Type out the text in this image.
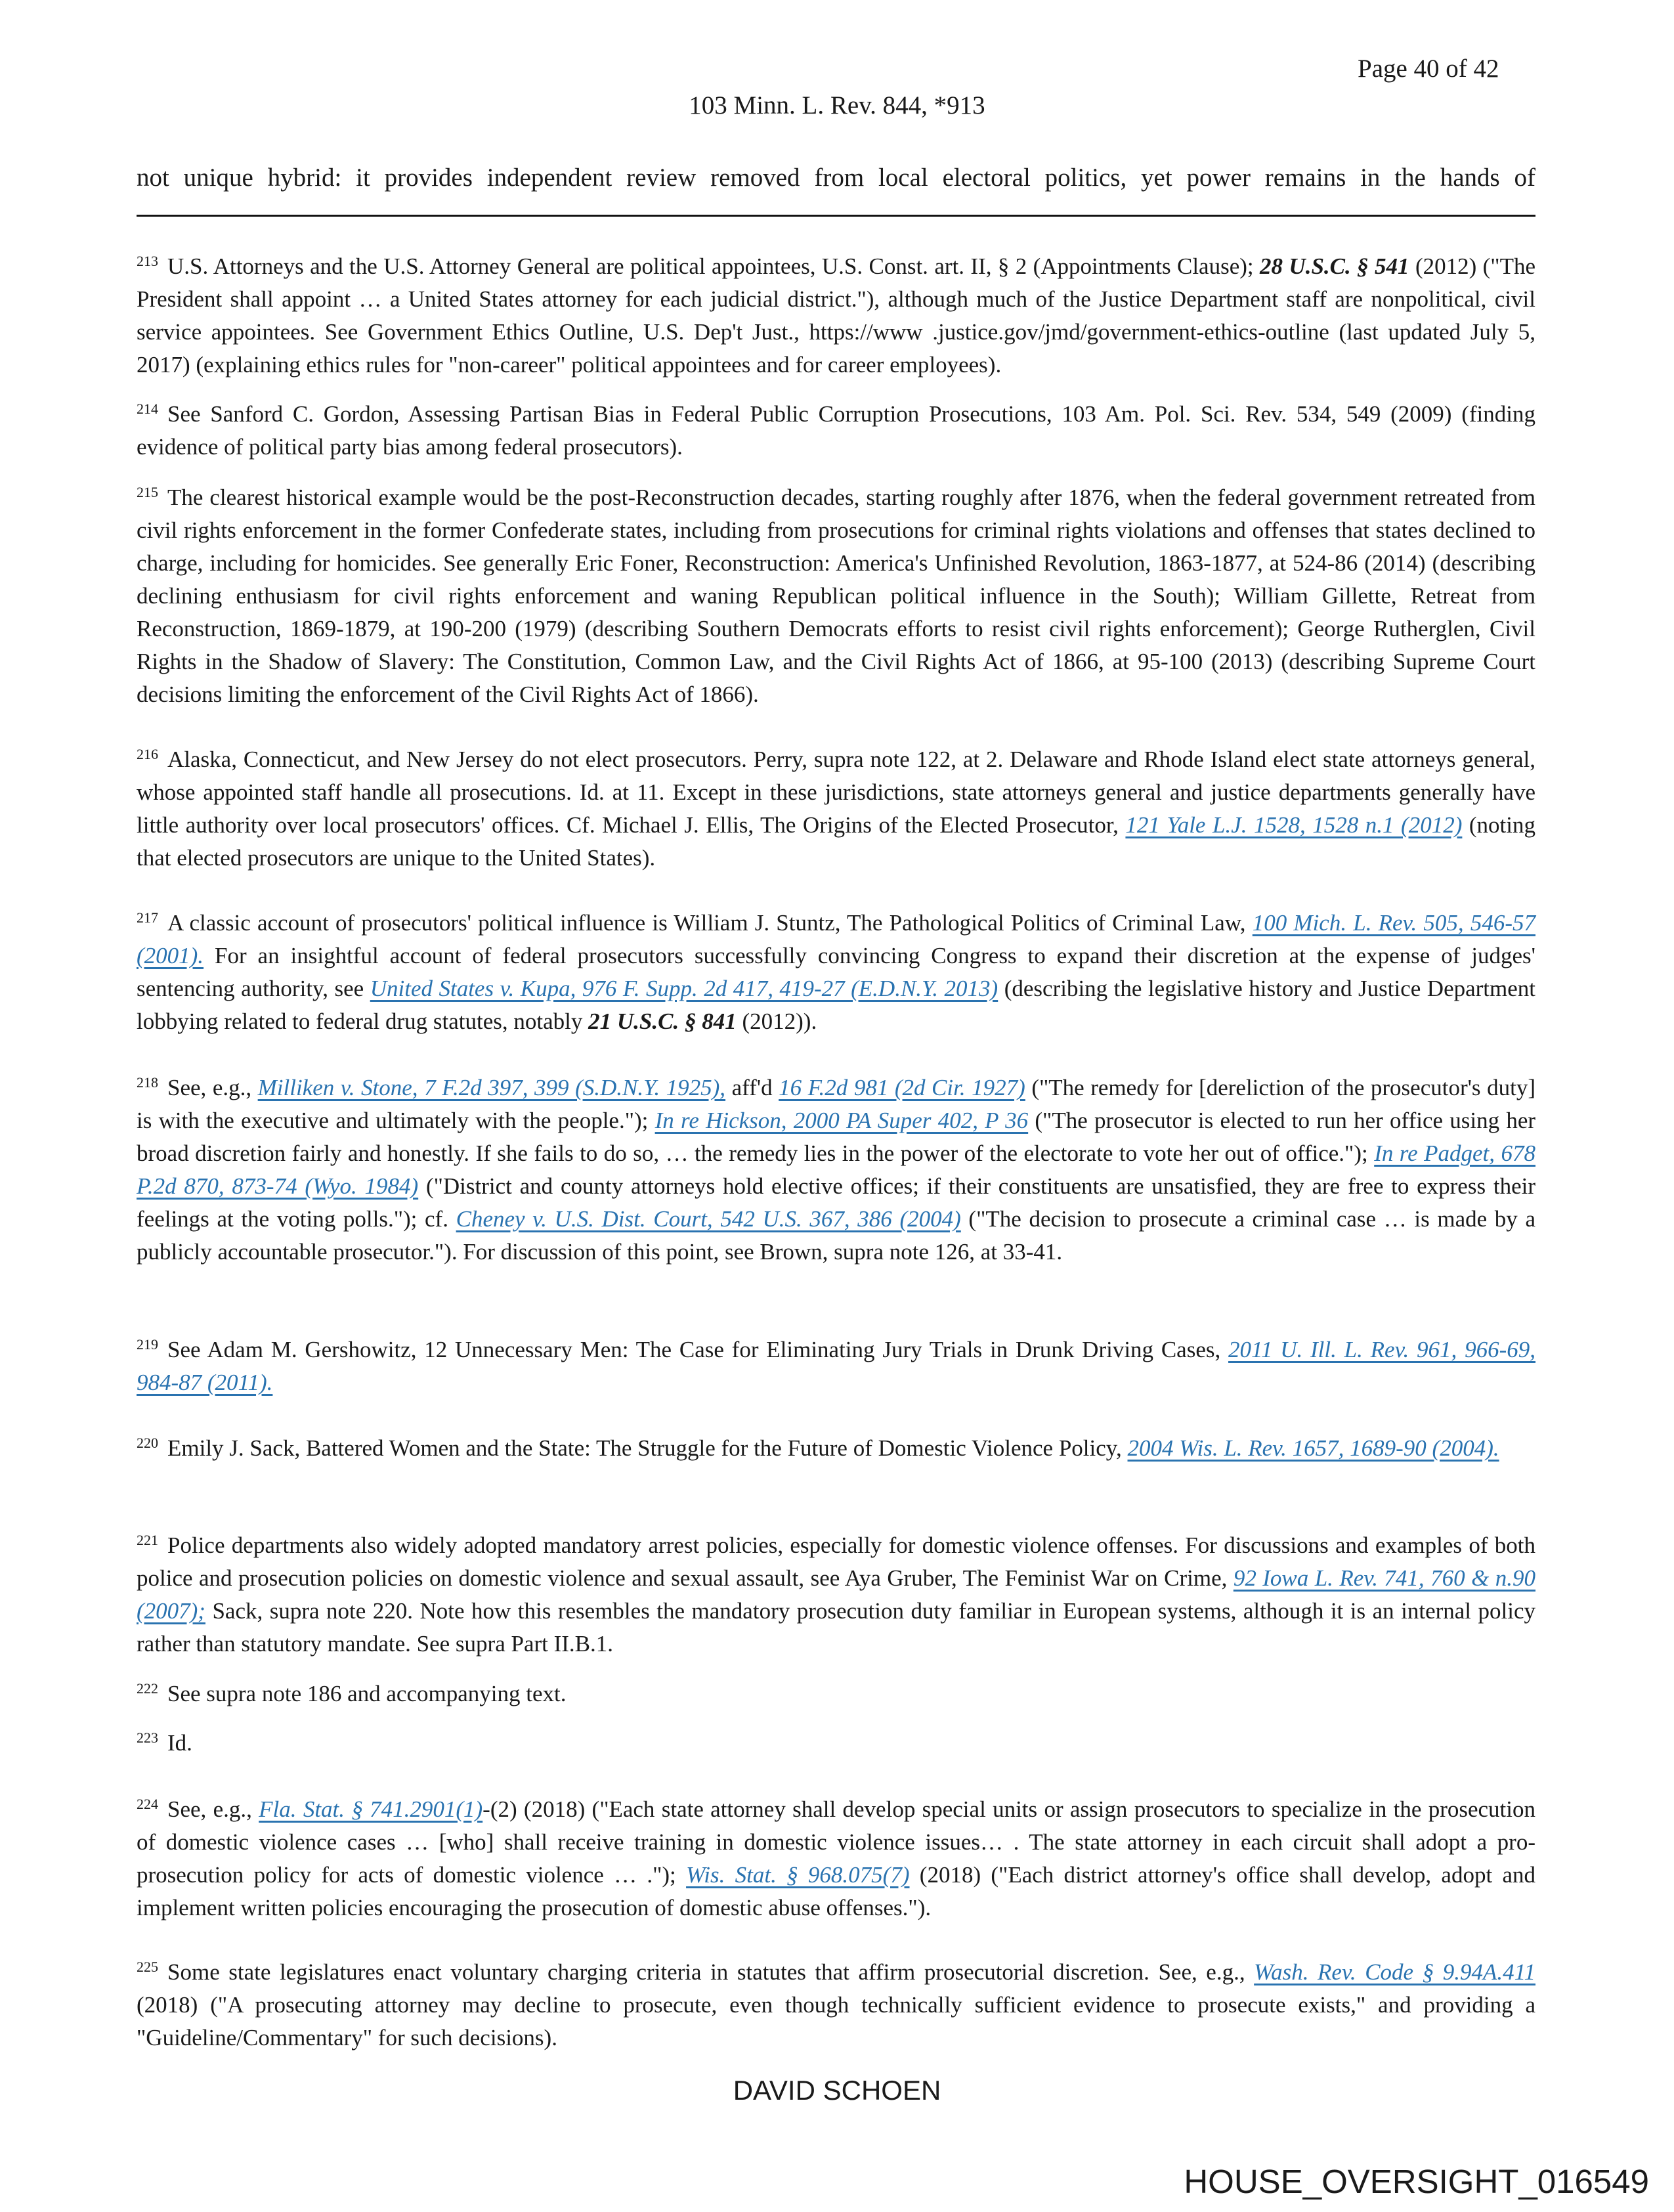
Page 40 of 42
103 Minn. L. Rev. 844, *913
not unique hybrid: it provides independent review removed from local electoral politics, yet power remains in the hands of
$^{213}$ U.S. Attorneys and the U.S. Attorney General are political appointees, U.S. Const. art. II, § 2 (Appointments Clause); 28 U.S.C. § 541 (2012) ("The President shall appoint … a United States attorney for each judicial district."), although much of the Justice Department staff are nonpolitical, civil service appointees. See Government Ethics Outline, U.S. Dep't Just., https://www .justice.gov/jmd/government-ethics-outline (last updated July 5, 2017) (explaining ethics rules for "non-career" political appointees and for career employees).
$^{214}$ See Sanford C. Gordon, Assessing Partisan Bias in Federal Public Corruption Prosecutions, 103 Am. Pol. Sci. Rev. 534, 549 (2009) (finding evidence of political party bias among federal prosecutors).
$^{215}$ The clearest historical example would be the post-Reconstruction decades, starting roughly after 1876, when the federal government retreated from civil rights enforcement in the former Confederate states, including from prosecutions for criminal rights violations and offenses that states declined to charge, including for homicides. See generally Eric Foner, Reconstruction: America's Unfinished Revolution, 1863-1877, at 524-86 (2014) (describing declining enthusiasm for civil rights enforcement and waning Republican political influence in the South); William Gillette, Retreat from Reconstruction, 1869-1879, at 190-200 (1979) (describing Southern Democrats efforts to resist civil rights enforcement); George Rutherglen, Civil Rights in the Shadow of Slavery: The Constitution, Common Law, and the Civil Rights Act of 1866, at 95-100 (2013) (describing Supreme Court decisions limiting the enforcement of the Civil Rights Act of 1866).
$^{216}$ Alaska, Connecticut, and New Jersey do not elect prosecutors. Perry, supra note 122, at 2. Delaware and Rhode Island elect state attorneys general, whose appointed staff handle all prosecutions. Id. at 11. Except in these jurisdictions, state attorneys general and justice departments generally have little authority over local prosecutors' offices. Cf. Michael J. Ellis, The Origins of the Elected Prosecutor, 121 Yale L.J. 1528, 1528 n.1 (2012) (noting that elected prosecutors are unique to the United States).
$^{217}$ A classic account of prosecutors' political influence is William J. Stuntz, The Pathological Politics of Criminal Law, 100 Mich. L. Rev. 505, 546-57 (2001). For an insightful account of federal prosecutors successfully convincing Congress to expand their discretion at the expense of judges' sentencing authority, see United States v. Kupa, 976 F. Supp. 2d 417, 419-27 (E.D.N.Y. 2013) (describing the legislative history and Justice Department lobbying related to federal drug statutes, notably 21 U.S.C. § 841 (2012)).
$^{218}$ See, e.g., Milliken v. Stone, 7 F.2d 397, 399 (S.D.N.Y. 1925), aff'd 16 F.2d 981 (2d Cir. 1927) ("The remedy for [dereliction of the prosecutor's duty] is with the executive and ultimately with the people."); In re Hickson, 2000 PA Super 402, P 36 ("The prosecutor is elected to run her office using her broad discretion fairly and honestly. If she fails to do so, … the remedy lies in the power of the electorate to vote her out of office."); In re Padget, 678 P.2d 870, 873-74 (Wyo. 1984) ("District and county attorneys hold elective offices; if their constituents are unsatisfied, they are free to express their feelings at the voting polls."); cf. Cheney v. U.S. Dist. Court, 542 U.S. 367, 386 (2004) ("The decision to prosecute a criminal case … is made by a publicly accountable prosecutor."). For discussion of this point, see Brown, supra note 126, at 33-41.
$^{219}$ See Adam M. Gershowitz, 12 Unnecessary Men: The Case for Eliminating Jury Trials in Drunk Driving Cases, 2011 U. Ill. L. Rev. 961, 966-69, 984-87 (2011).
$^{220}$ Emily J. Sack, Battered Women and the State: The Struggle for the Future of Domestic Violence Policy, 2004 Wis. L. Rev. 1657, 1689-90 (2004).
$^{221}$ Police departments also widely adopted mandatory arrest policies, especially for domestic violence offenses. For discussions and examples of both police and prosecution policies on domestic violence and sexual assault, see Aya Gruber, The Feminist War on Crime, 92 Iowa L. Rev. 741, 760 & n.90 (2007); Sack, supra note 220. Note how this resembles the mandatory prosecution duty familiar in European systems, although it is an internal policy rather than statutory mandate. See supra Part II.B.1.
$^{222}$ See supra note 186 and accompanying text.
$^{223}$ Id.
$^{224}$ See, e.g., Fla. Stat. § 741.2901(1)-(2) (2018) ("Each state attorney shall develop special units or assign prosecutors to specialize in the prosecution of domestic violence cases … [who] shall receive training in domestic violence issues… . The state attorney in each circuit shall adopt a pro-prosecution policy for acts of domestic violence … ."); Wis. Stat. § 968.075(7) (2018) ("Each district attorney's office shall develop, adopt and implement written policies encouraging the prosecution of domestic abuse offenses.").
$^{225}$ Some state legislatures enact voluntary charging criteria in statutes that affirm prosecutorial discretion. See, e.g., Wash. Rev. Code § 9.94A.411 (2018) ("A prosecuting attorney may decline to prosecute, even though technically sufficient evidence to prosecute exists," and providing a "Guideline/Commentary" for such decisions).
DAVID SCHOEN
HOUSE_OVERSIGHT_016549
